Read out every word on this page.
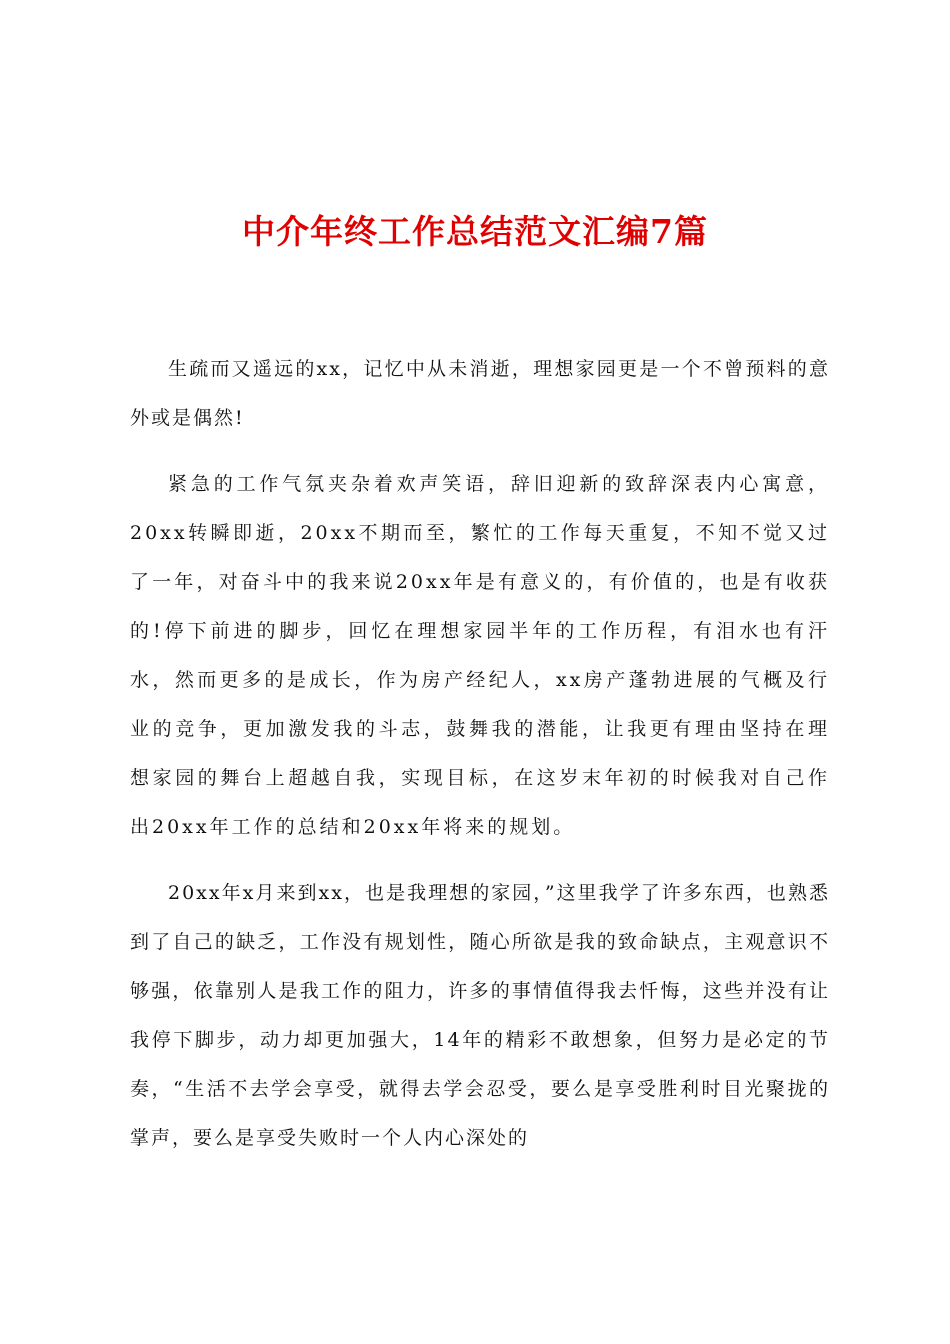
中介年终工作总结范文汇编7篇

生疏而又遥远的xx，记忆中从未消逝，理想家园更是一个不曾预料的意外或是偶然!

紧急的工作气氛夹杂着欢声笑语，辞旧迎新的致辞深表内心寓意，20xx转瞬即逝，20xx不期而至，繁忙的工作每天重复，不知不觉又过了一年，对奋斗中的我来说20xx年是有意义的，有价值的，也是有收获的!停下前进的脚步，回忆在理想家园半年的工作历程，有泪水也有汗水，然而更多的是成长，作为房产经纪人，xx房产蓬勃进展的气概及行业的竞争，更加激发我的斗志，鼓舞我的潜能，让我更有理由坚持在理想家园的舞台上超越自我，实现目标，在这岁末年初的时候我对自己作出20xx年工作的总结和20xx年将来的规划。

20xx年x月来到xx，也是我理想的家园，”这里我学了许多东西，也熟悉到了自己的缺乏，工作没有规划性，随心所欲是我的致命缺点，主观意识不够强，依靠别人是我工作的阻力，许多的事情值得我去忏悔，这些并没有让我停下脚步，动力却更加强大，14年的精彩不敢想象，但努力是必定的节奏，“生活不去学会享受，就得去学会忍受，要么是享受胜利时目光聚拢的掌声，要么是享受失败时一个人内心深处的
